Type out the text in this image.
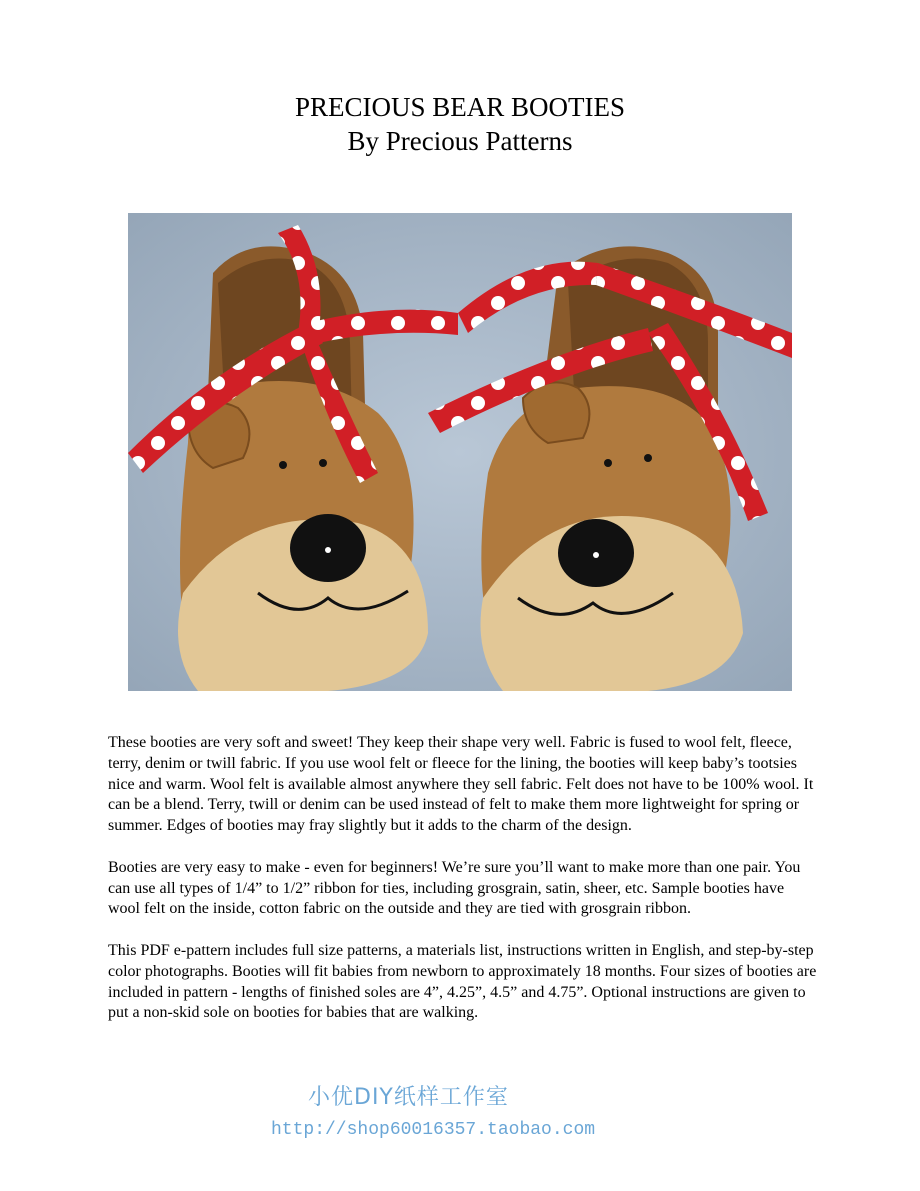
PRECIOUS BEAR BOOTIES
By Precious Patterns

These booties are very soft and sweet! They keep their shape very well. Fabric is fused to wool felt, fleece, terry, denim or twill fabric. If you use wool felt or fleece for the lining, the booties will keep baby’s tootsies nice and warm. Wool felt is available almost anywhere they sell fabric. Felt does not have to be 100% wool. It can be a blend. Terry, twill or denim can be used instead of felt to make them more lightweight for spring or summer. Edges of booties may fray slightly but it adds to the charm of the design.

Booties are very easy to make - even for beginners! We’re sure you’ll want to make more than one pair. You can use all types of 1/4” to 1/2” ribbon for ties, including grosgrain, satin, sheer, etc. Sample booties have wool felt on the inside, cotton fabric on the outside and they are tied with grosgrain ribbon.

This PDF e-pattern includes full size patterns, a materials list, instructions written in English, and step-by-step color photographs. Booties will fit babies from newborn to approximately 18 months. Four sizes of booties are included in pattern - lengths of finished soles are 4”, 4.25”, 4.5” and 4.75”. Optional instructions are given to put a non-skid sole on booties for babies that are walking.

小优DIY纸样工作室
http://shop60016357.taobao.com
